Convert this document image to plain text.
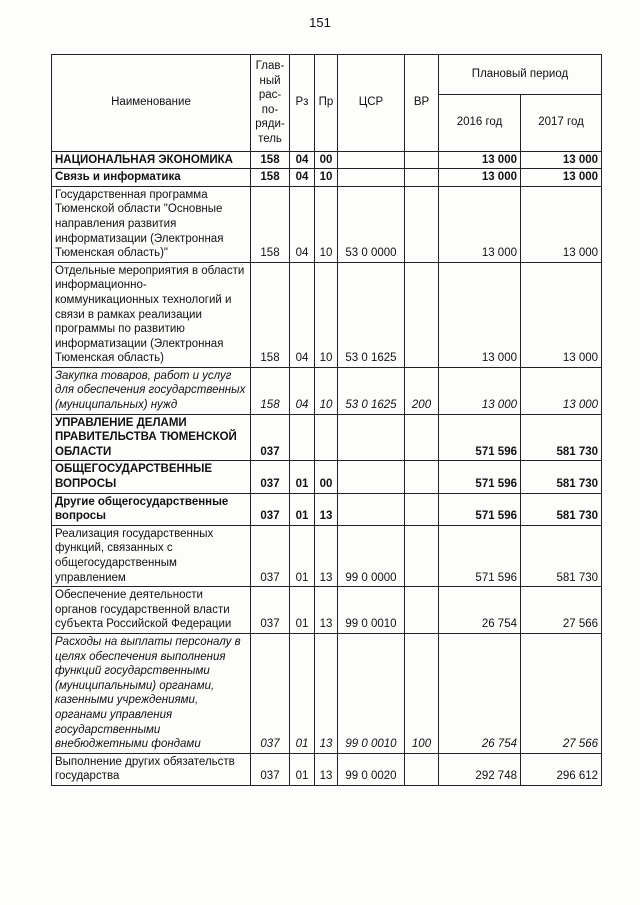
151
Наименование	Глав-ный рас-по-ряди-тель	Рз	Пр	ЦСР	ВР	Плановый период	
						2016 год	2017 год
НАЦИОНАЛЬНАЯ ЭКОНОМИКА	158	04	00			13 000	13 000
Связь и информатика	158	04	10			13 000	13 000
Государственная программа Тюменской области "Основные направления развития информатизации (Электронная Тюменская область)"	158	04	10	53 0 0000		13 000	13 000
Отдельные мероприятия в области информационно-коммуникационных технологий и связи в рамках реализации программы по развитию информатизации (Электронная Тюменская область)	158	04	10	53 0 1625		13 000	13 000
Закупка товаров, работ и услуг для обеспечения государственных (муниципальных) нужд	158	04	10	53 0 1625	200	13 000	13 000
УПРАВЛЕНИЕ ДЕЛАМИ ПРАВИТЕЛЬСТВА ТЮМЕНСКОЙ ОБЛАСТИ	037					571 596	581 730
ОБЩЕГОСУДАРСТВЕННЫЕ ВОПРОСЫ	037	01	00			571 596	581 730
Другие общегосударственные вопросы	037	01	13			571 596	581 730
Реализация государственных функций, связанных с общегосударственным управлением	037	01	13	99 0 0000		571 596	581 730
Обеспечение деятельности органов государственной власти субъекта Российской Федерации	037	01	13	99 0 0010		26 754	27 566
Расходы на выплаты персоналу в целях обеспечения выполнения функций государственными (муниципальными) органами, казенными учреждениями, органами управления государственными внебюджетными фондами	037	01	13	99 0 0010	100	26 754	27 566
Выполнение других обязательств государства	037	01	13	99 0 0020		292 748	296 612
